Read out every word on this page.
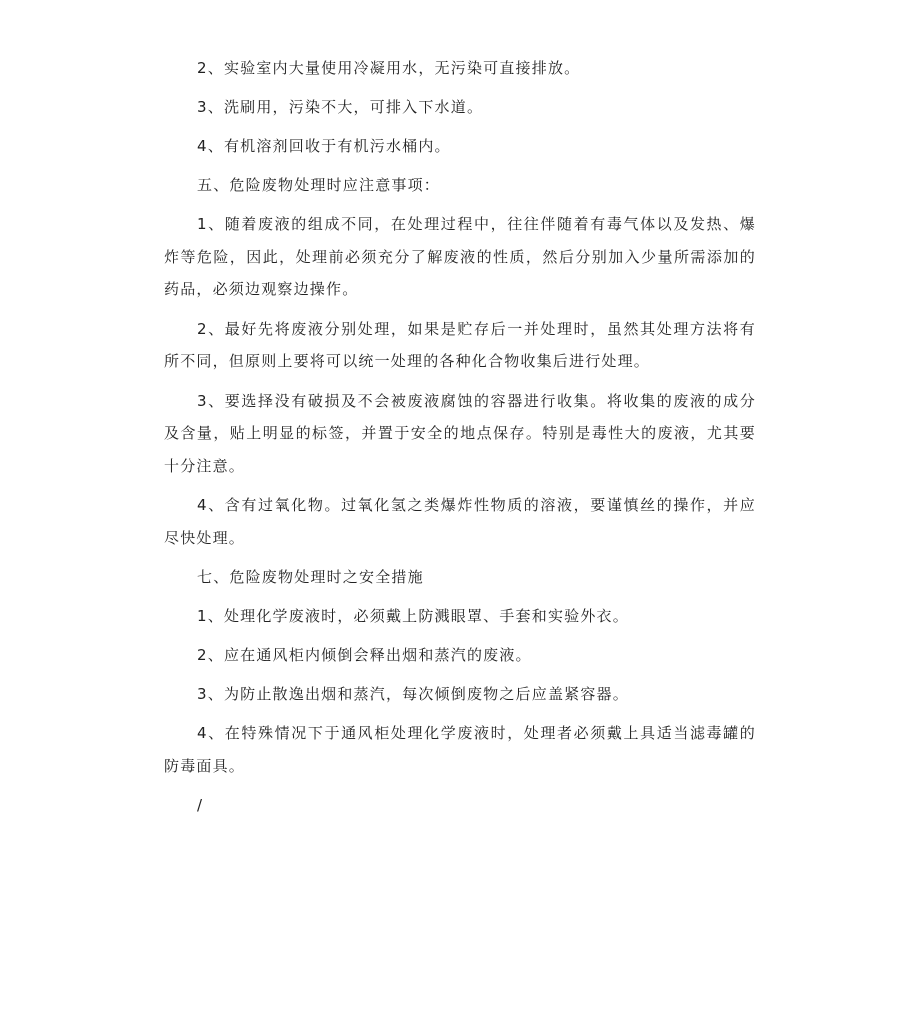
2、实验室内大量使用冷凝用水，无污染可直接排放。

3、洗刷用，污染不大，可排入下水道。

4、有机溶剂回收于有机污水桶内。

五、危险废物处理时应注意事项：

1、随着废液的组成不同，在处理过程中，往往伴随着有毒气体以及发热、爆炸等危险，因此，处理前必须充分了解废液的性质，然后分别加入少量所需添加的药品，必须边观察边操作。

2、最好先将废液分别处理，如果是贮存后一并处理时，虽然其处理方法将有所不同，但原则上要将可以统一处理的各种化合物收集后进行处理。

3、要选择没有破损及不会被废液腐蚀的容器进行收集。将收集的废液的成分及含量，贴上明显的标签，并置于安全的地点保存。特别是毒性大的废液，尤其要十分注意。

4、含有过氧化物。过氧化氢之类爆炸性物质的溶液，要谨慎丝的操作，并应尽快处理。

七、危险废物处理时之安全措施

1、处理化学废液时，必须戴上防溅眼罩、手套和实验外衣。

2、应在通风柜内倾倒会释出烟和蒸汽的废液。

3、为防止散逸出烟和蒸汽，每次倾倒废物之后应盖紧容器。

4、在特殊情况下于通风柜处理化学废液时，处理者必须戴上具适当滤毒罐的防毒面具。

/
